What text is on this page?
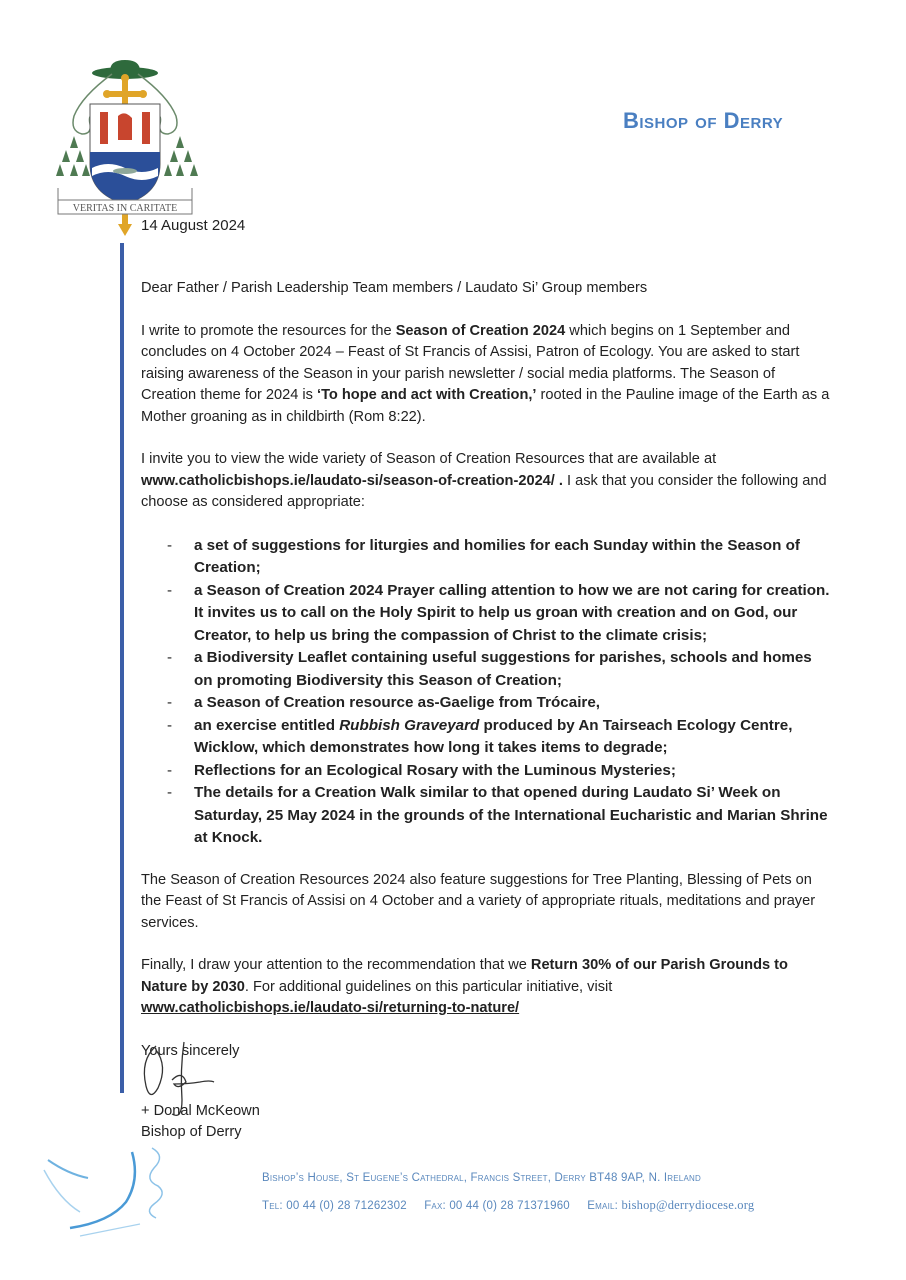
VERITAS IN CARITATE
Bishop of Derry
14 August 2024

Dear Father / Parish Leadership Team members / Laudato Si’ Group members

I write to promote the resources for the Season of Creation 2024 which begins on 1 September and concludes on 4 October 2024 – Feast of St Francis of Assisi, Patron of Ecology. You are asked to start raising awareness of the Season in your parish newsletter / social media platforms. The Season of Creation theme for 2024 is ‘To hope and act with Creation,’ rooted in the Pauline image of the Earth as a Mother groaning as in childbirth (Rom 8:22).

I invite you to view the wide variety of Season of Creation Resources that are available at www.catholicbishops.ie/laudato-si/season-of-creation-2024/ . I ask that you consider the following and choose as considered appropriate:

- a set of suggestions for liturgies and homilies for each Sunday within the Season of Creation;
- a Season of Creation 2024 Prayer calling attention to how we are not caring for creation. It invites us to call on the Holy Spirit to help us groan with creation and on God, our Creator, to help us bring the compassion of Christ to the climate crisis;
- a Biodiversity Leaflet containing useful suggestions for parishes, schools and homes on promoting Biodiversity this Season of Creation;
- a Season of Creation resource as-Gaelige from Trócaire,
- an exercise entitled Rubbish Graveyard produced by An Tairseach Ecology Centre, Wicklow, which demonstrates how long it takes items to degrade;
- Reflections for an Ecological Rosary with the Luminous Mysteries;
- The details for a Creation Walk similar to that opened during Laudato Si’ Week on Saturday, 25 May 2024 in the grounds of the International Eucharistic and Marian Shrine at Knock.

The Season of Creation Resources 2024 also feature suggestions for Tree Planting, Blessing of Pets on the Feast of St Francis of Assisi on 4 October and a variety of appropriate rituals, meditations and prayer services.

Finally, I draw your attention to the recommendation that we Return 30% of our Parish Grounds to Nature by 2030. For additional guidelines on this particular initiative, visit
www.catholicbishops.ie/laudato-si/returning-to-nature/

Yours sincerely

+ Donal McKeown
Bishop of Derry
Bishop’s House, St Eugene’s Cathedral, Francis Street, Derry BT48 9AP, N. Ireland
Tel: 00 44 (0) 28 71262302 Fax: 00 44 (0) 28 71371960 Email: bishop@derrydiocese.org
